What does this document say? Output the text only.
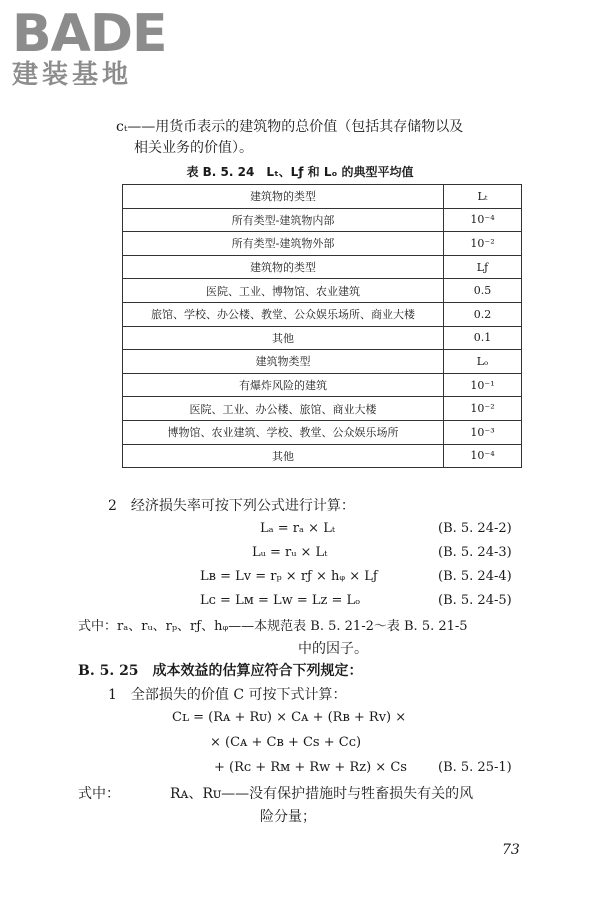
BADE
建装基地
cₜ——用货币表示的建筑物的总价值（包括其存储物以及
相关业务的价值）。
表 B. 5. 24　Lₜ、Lƒ 和 Lₒ 的典型平均值
建筑物的类型	Lₜ
所有类型-建筑物内部	10⁻⁴
所有类型-建筑物外部	10⁻²
建筑物的类型	Lƒ
医院、工业、博物馆、农业建筑	0.5
旅馆、学校、办公楼、教堂、公众娱乐场所、商业大楼	0.2
其他	0.1
建筑物类型	Lₒ
有爆炸风险的建筑	10⁻¹
医院、工业、办公楼、旅馆、商业大楼	10⁻²
博物馆、农业建筑、学校、教堂、公众娱乐场所	10⁻³
其他	10⁻⁴
2　经济损失率可按下列公式进行计算：
Lₐ = rₐ × Lₜ	(B. 5. 24-2)
Lᵤ = rᵤ × Lₜ	(B. 5. 24-3)
Lʙ = Lᴠ = rₚ × rƒ × hᵩ × Lƒ	(B. 5. 24-4)
Lᴄ = Lᴍ = Lᴡ = Lᴢ = Lₒ	(B. 5. 24-5)
式中：rₐ、rᵤ、rₚ、rƒ、hᵩ——本规范表 B. 5. 21-2～表 B. 5. 21-5
中的因子。
B. 5. 25　成本效益的估算应符合下列规定：
1　全部损失的价值 C 可按下式计算：
Cʟ = (Rᴀ + Rᴜ) × Cᴀ + (Rʙ + Rᴠ) ×
× (Cᴀ + Cʙ + Cꜱ + Cᴄ)
+ (Rᴄ + Rᴍ + Rᴡ + Rᴢ) × Cꜱ (B. 5. 25-1)
式中：	Rᴀ、Rᴜ——没有保护措施时与牲畜损失有关的风
险分量；
73
